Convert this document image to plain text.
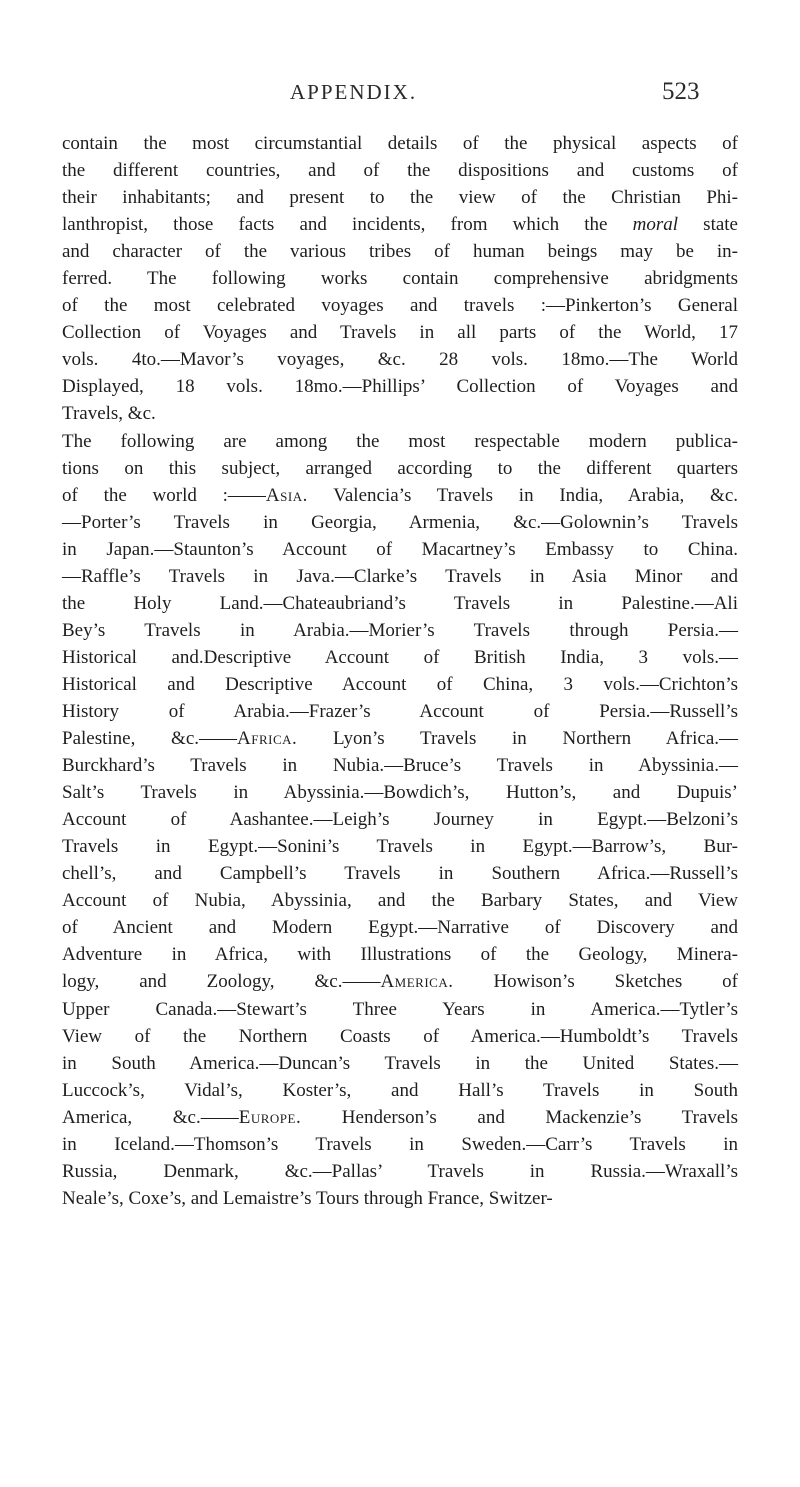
APPENDIX.	523
contain the most circumstantial details of the physical aspects of
the different countries, and of the dispositions and customs of
their inhabitants; and present to the view of the Christian Phi-
lanthropist, those facts and incidents, from which the moral state
and character of the various tribes of human beings may be in-
ferred. The following works contain comprehensive abridgments
of the most celebrated voyages and travels :—Pinkerton’s General
Collection of Voyages and Travels in all parts of the World, 17
vols. 4to.—Mavor’s voyages, &c. 28 vols. 18mo.—The World
Displayed, 18 vols. 18mo.—Phillips’ Collection of Voyages and
Travels, &c.
The following are among the most respectable modern publica-
tions on this subject, arranged according to the different quarters
of the world :——Asia. Valencia’s Travels in India, Arabia, &c.
—Porter’s Travels in Georgia, Armenia, &c.—Golownin’s Travels
in Japan.—Staunton’s Account of Macartney’s Embassy to China.
—Raffle’s Travels in Java.—Clarke’s Travels in Asia Minor and
the Holy Land.—Chateaubriand’s Travels in Palestine.—Ali
Bey’s Travels in Arabia.—Morier’s Travels through Persia.—
Historical and.Descriptive Account of British India, 3 vols.—
Historical and Descriptive Account of China, 3 vols.—Crichton’s
History of Arabia.—Frazer’s Account of Persia.—Russell’s
Palestine, &c.——Africa. Lyon’s Travels in Northern Africa.—
Burckhard’s Travels in Nubia.—Bruce’s Travels in Abyssinia.—
Salt’s Travels in Abyssinia.—Bowdich’s, Hutton’s, and Dupuis’
Account of Aashantee.—Leigh’s Journey in Egypt.—Belzoni’s
Travels in Egypt.—Sonini’s Travels in Egypt.—Barrow’s, Bur-
chell’s, and Campbell’s Travels in Southern Africa.—Russell’s
Account of Nubia, Abyssinia, and the Barbary States, and View
of Ancient and Modern Egypt.—Narrative of Discovery and
Adventure in Africa, with Illustrations of the Geology, Minera-
logy, and Zoology, &c.——America. Howison’s Sketches of
Upper Canada.—Stewart’s Three Years in America.—Tytler’s
View of the Northern Coasts of America.—Humboldt’s Travels
in South America.—Duncan’s Travels in the United States.—
Luccock’s, Vidal’s, Koster’s, and Hall’s Travels in South
America, &c.——Europe. Henderson’s and Mackenzie’s Travels
in Iceland.—Thomson’s Travels in Sweden.—Carr’s Travels in
Russia, Denmark, &c.—Pallas’ Travels in Russia.—Wraxall’s
Neale’s, Coxe’s, and Lemaistre’s Tours through France, Switzer-
